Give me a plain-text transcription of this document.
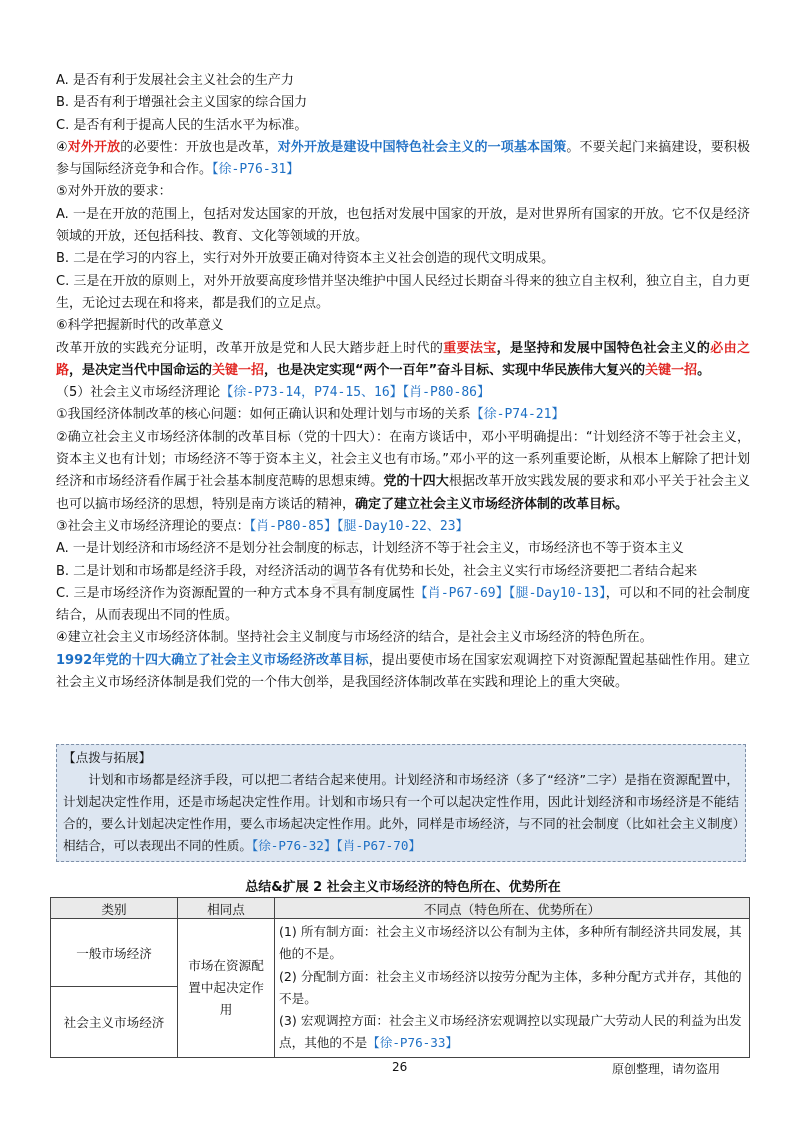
✺
A. 是否有利于发展社会主义社会的生产力
B. 是否有利于增强社会主义国家的综合国力
C. 是否有利于提高人民的生活水平为标准。
④对外开放的必要性：开放也是改革，对外开放是建设中国特色社会主义的一项基本国策。不要关起门来搞建设，要积极参与国际经济竞争和合作。【徐-P76-31】
⑤对外开放的要求：
A. 一是在开放的范围上，包括对发达国家的开放，也包括对发展中国家的开放，是对世界所有国家的开放。它不仅是经济领域的开放，还包括科技、教育、文化等领域的开放。
B. 二是在学习的内容上，实行对外开放要正确对待资本主义社会创造的现代文明成果。
C. 三是在开放的原则上，对外开放要高度珍惜并坚决维护中国人民经过长期奋斗得来的独立自主权利，独立自主，自力更生，无论过去现在和将来，都是我们的立足点。
⑥科学把握新时代的改革意义
改革开放的实践充分证明，改革开放是党和人民大踏步赶上时代的重要法宝，是坚持和发展中国特色社会主义的必由之路，是决定当代中国命运的关键一招，也是决定实现“两个一百年”奋斗目标、实现中华民族伟大复兴的关键一招。
（5）社会主义市场经济理论【徐-P73-14，P74-15、16】【肖-P80-86】
①我国经济体制改革的核心问题：如何正确认识和处理计划与市场的关系【徐-P74-21】
②确立社会主义市场经济体制的改革目标（党的十四大）：在南方谈话中，邓小平明确提出：“计划经济不等于社会主义，资本主义也有计划；市场经济不等于资本主义，社会主义也有市场。”邓小平的这一系列重要论断，从根本上解除了把计划经济和市场经济看作属于社会基本制度范畴的思想束缚。党的十四大根据改革开放实践发展的要求和邓小平关于社会主义也可以搞市场经济的思想，特别是南方谈话的精神，确定了建立社会主义市场经济体制的改革目标。
③社会主义市场经济理论的要点：【肖-P80-85】【腿-Day10-22、23】
A. 一是计划经济和市场经济不是划分社会制度的标志，计划经济不等于社会主义，市场经济也不等于资本主义
B. 二是计划和市场都是经济手段，对经济活动的调节各有优势和长处，社会主义实行市场经济要把二者结合起来
C. 三是市场经济作为资源配置的一种方式本身不具有制度属性【肖-P67-69】【腿-Day10-13】，可以和不同的社会制度结合，从而表现出不同的性质。
④建立社会主义市场经济体制。坚持社会主义制度与市场经济的结合，是社会主义市场经济的特色所在。
1992年党的十四大确立了社会主义市场经济改革目标，提出要使市场在国家宏观调控下对资源配置起基础性作用。建立社会主义市场经济体制是我们党的一个伟大创举，是我国经济体制改革在实践和理论上的重大突破。
【点拨与拓展】
计划和市场都是经济手段，可以把二者结合起来使用。计划经济和市场经济（多了“经济”二字）是指在资源配置中，计划起决定性作用，还是市场起决定性作用。计划和市场只有一个可以起决定性作用，因此计划经济和市场经济是不能结合的，要么计划起决定性作用，要么市场起决定性作用。此外，同样是市场经济，与不同的社会制度（比如社会主义制度）相结合，可以表现出不同的性质。【徐-P76-32】【肖-P67-70】
总结&扩展 2 社会主义市场经济的特色所在、优势所在
类别	相同点	不同点（特色所在、优势所在）
一般市场经济	市场在资源配置中起决定作用	(1) 所有制方面：社会主义市场经济以公有制为主体，多种所有制经济共同发展，其他的不是。
(2) 分配制方面：社会主义市场经济以按劳分配为主体，多种分配方式并存，其他的不是。
(3) 宏观调控方面：社会主义市场经济宏观调控以实现最广大劳动人民的利益为出发点，其他的不是【徐-P76-33】

社会主义市场经济		
26	原创整理，请勿盗用
